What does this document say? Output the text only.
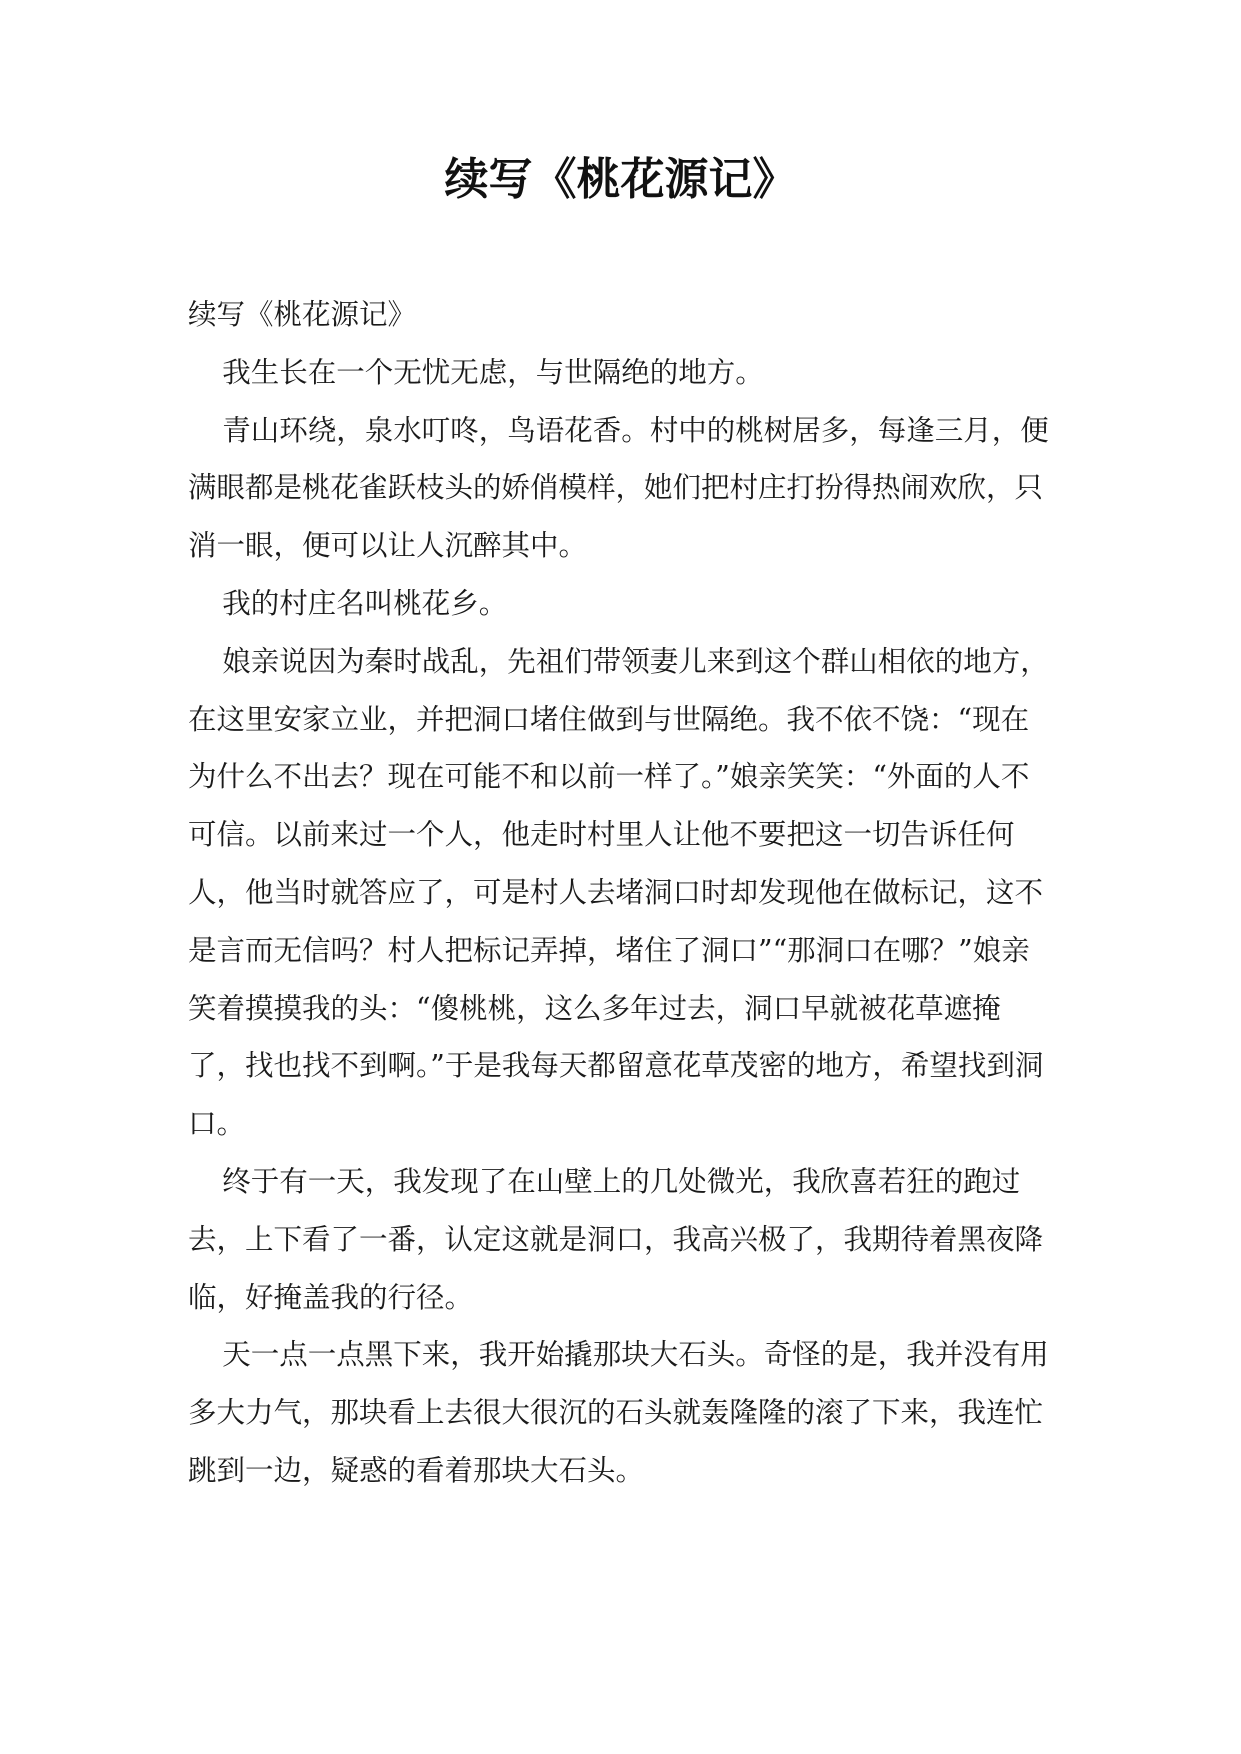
续写《桃花源记》

续写《桃花源记》

我生长在一个无忧无虑，与世隔绝的地方。

青山环绕，泉水叮咚，鸟语花香。村中的桃树居多，每逢三月，便满眼都是桃花雀跃枝头的娇俏模样，她们把村庄打扮得热闹欢欣，只消一眼，便可以让人沉醉其中。

我的村庄名叫桃花乡。

娘亲说因为秦时战乱，先祖们带领妻儿来到这个群山相依的地方，在这里安家立业，并把洞口堵住做到与世隔绝。我不依不饶：“现在为什么不出去？现在可能不和以前一样了。”娘亲笑笑：“外面的人不可信。以前来过一个人，他走时村里人让他不要把这一切告诉任何人，他当时就答应了，可是村人去堵洞口时却发现他在做标记，这不是言而无信吗？村人把标记弄掉，堵住了洞口”“那洞口在哪？”娘亲笑着摸摸我的头：“傻桃桃，这么多年过去，洞口早就被花草遮掩了，找也找不到啊。”于是我每天都留意花草茂密的地方，希望找到洞口。

终于有一天，我发现了在山壁上的几处微光，我欣喜若狂的跑过去，上下看了一番，认定这就是洞口，我高兴极了，我期待着黑夜降临，好掩盖我的行径。

天一点一点黑下来，我开始撬那块大石头。奇怪的是，我并没有用多大力气，那块看上去很大很沉的石头就轰隆隆的滚了下来，我连忙跳到一边，疑惑的看着那块大石头。
